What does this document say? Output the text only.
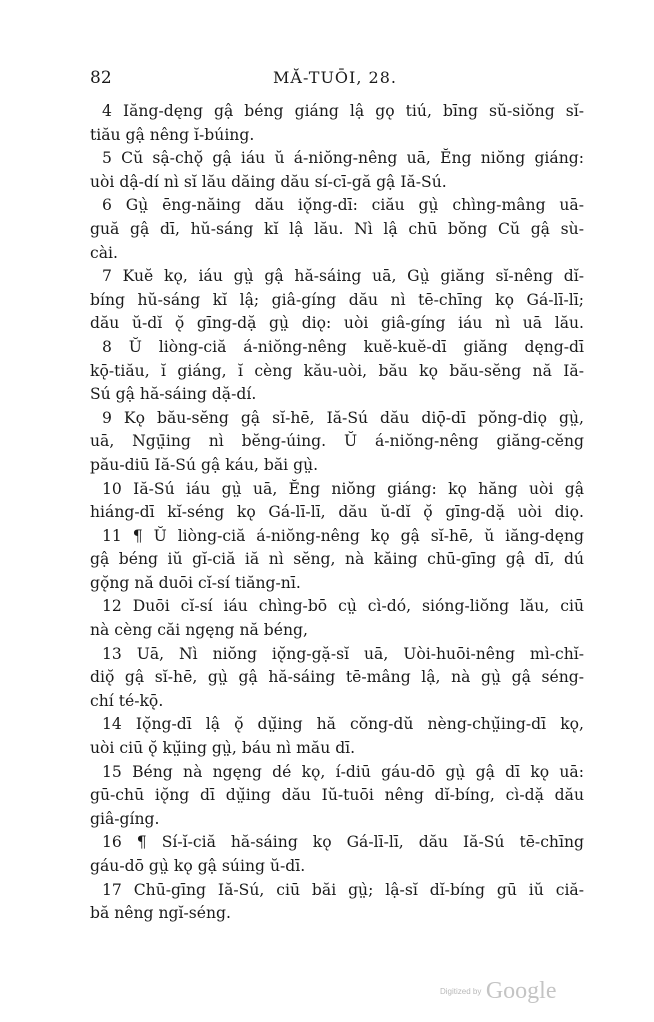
82	MĂ-TUŌI, 28.
4 Iăng-dęng gậ béng giáng lậ gǫ tiú, bīng sŭ-siŏng sĭ-
tiău gậ nêng ĭ-búing.
5 Cŭ sậ-chǫ̆ gậ iáu ŭ á-niŏng-nêng uā, Ĕng niŏng giáng:
uòi dậ-dí nì sĭ lău dăing dău sí-cī-gă gậ Iă-Sú.
6 Gṳ̀ ēng-năing dău iǫ̆ng-dī: ciău gṳ̀ chìng-mâng uā-
guă gậ dī, hŭ-sáng kĭ lậ lău. Nì lậ chū bŏng Cŭ gậ sù-
cài.
7 Kuĕ kǫ, iáu gṳ̀ gậ hă-sáing uā, Gṳ̀ giăng sĭ-nêng dĭ-
bíng hŭ-sáng kĭ lậ; giâ-gíng dău nì tē-chīng kǫ Gá-lī-lī;
dău ŭ-dĭ ǫ̆ gīng-dặ gṳ̀ diǫ: uòi giâ-gíng iáu nì uā lău.
8 Ŭ liòng-ciă á-niŏng-nêng kuĕ-kuĕ-dī giăng dęng-dī
kǭ-tiău, ĭ giáng, ĭ cèng kău-uòi, bău kǫ bău-sĕng nă Iă-
Sú gậ hă-sáing dặ-dí.
9 Kǫ bău-sĕng gậ sĭ-hē, Iă-Sú dău diǭ-dī pŏng-diǫ gṳ̀,
uā, Ngṳ̄ing nì bĕng-úing. Ŭ á-niŏng-nêng giăng-cĕng
pău-diū Iă-Sú gậ káu, băi gṳ̀.
10 Iă-Sú iáu gṳ̀ uā, Ĕng niŏng giáng: kǫ hăng uòi gậ
hiáng-dī kĭ-séng kǫ Gá-lī-lī, dău ŭ-dĭ ǫ̆ gīng-dặ uòi diǫ.
11 ¶ Ŭ liòng-ciă á-niŏng-nêng kǫ gậ sĭ-hē, ŭ iăng-dęng
gậ béng iŭ gĭ-ciă iă nì sĕng, nà kăing chū-gīng gậ dī, dú
gǫ̆ng nă duōi cĭ-sí tiăng-nī.
12 Duōi cĭ-sí iáu chìng-bō cṳ̀ cì-dó, sióng-liŏng lău, ciū
nà cèng căi ngęng nă béng,
13 Uā, Nì niŏng iǫ̆ng-gặ-sĭ uā, Uòi-huōi-nêng mì-chĭ-
diǫ̆ gậ sĭ-hē, gṳ̀ gậ hă-sáing tē-mâng lậ, nà gṳ̀ gậ séng-
chí té-kǭ.
14 Iǫ̆ng-dī lậ ǫ̆ dṳ̆ing hă cŏng-dŭ nèng-chṳ̆ing-dī kǫ,
uòi ciū ǫ̆ kṳ̆ing gṳ̀, báu nì mău dī.
15 Béng nà ngęng dé kǫ, í-diū gáu-dō gṳ̀ gậ dī kǫ uā:
gū-chū iǫ̆ng dī dṳ̆ing dău Iŭ-tuōi nêng dĭ-bíng, cì-dặ dău
giâ-gíng.
16 ¶ Sí-ĭ-ciă hă-sáing kǫ Gá-lī-lī, dău Iă-Sú tē-chīng
gáu-dō gṳ̀ kǫ gậ súing ŭ-dī.
17 Chū-gīng Iă-Sú, ciū băi gṳ̀; lậ-sĭ dĭ-bíng gū iŭ ciă-
bă nêng ngĭ-séng.
Digitized by Google
